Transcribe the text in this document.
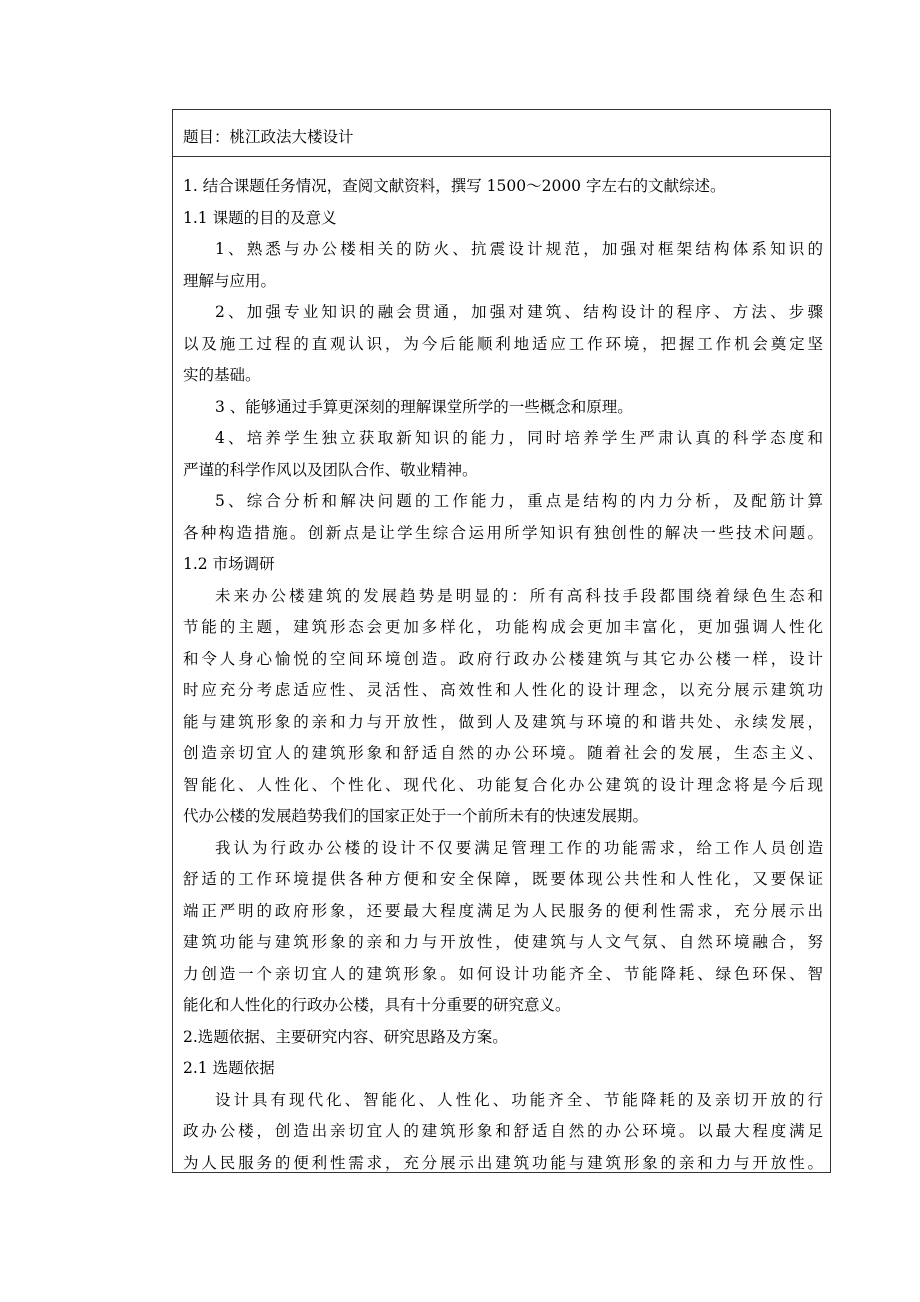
题目：桃江政法大楼设计
1. 结合课题任务情况，查阅文献资料，撰写 1500～2000 字左右的文献综述。
1.1 课题的目的及意义
1、熟悉与办公楼相关的防火、抗震设计规范，加强对框架结构体系知识的
理解与应用。
2、加强专业知识的融会贯通，加强对建筑、结构设计的程序、方法、步骤
以及施工过程的直观认识，为今后能顺利地适应工作环境，把握工作机会奠定坚
实的基础。
3 、能够通过手算更深刻的理解课堂所学的一些概念和原理。
4、培养学生独立获取新知识的能力，同时培养学生严肃认真的科学态度和
严谨的科学作风以及团队合作、敬业精神。
5、综合分析和解决问题的工作能力，重点是结构的内力分析，及配筋计算
各种构造措施。创新点是让学生综合运用所学知识有独创性的解决一些技术问题。
1.2 市场调研
未来办公楼建筑的发展趋势是明显的：所有高科技手段都围绕着绿色生态和
节能的主题，建筑形态会更加多样化，功能构成会更加丰富化，更加强调人性化
和令人身心愉悦的空间环境创造。政府行政办公楼建筑与其它办公楼一样，设计
时应充分考虑适应性、灵活性、高效性和人性化的设计理念，以充分展示建筑功
能与建筑形象的亲和力与开放性，做到人及建筑与环境的和谐共处、永续发展，
创造亲切宜人的建筑形象和舒适自然的办公环境。随着社会的发展，生态主义、
智能化、人性化、个性化、现代化、功能复合化办公建筑的设计理念将是今后现
代办公楼的发展趋势我们的国家正处于一个前所未有的快速发展期。
我认为行政办公楼的设计不仅要满足管理工作的功能需求，给工作人员创造
舒适的工作环境提供各种方便和安全保障，既要体现公共性和人性化，又要保证
端正严明的政府形象，还要最大程度满足为人民服务的便利性需求，充分展示出
建筑功能与建筑形象的亲和力与开放性，使建筑与人文气氛、自然环境融合，努
力创造一个亲切宜人的建筑形象。如何设计功能齐全、节能降耗、绿色环保、智
能化和人性化的行政办公楼，具有十分重要的研究意义。
2.选题依据、主要研究内容、研究思路及方案。
2.1 选题依据
设计具有现代化、智能化、人性化、功能齐全、节能降耗的及亲切开放的行
政办公楼，创造出亲切宜人的建筑形象和舒适自然的办公环境。以最大程度满足
为人民服务的便利性需求，充分展示出建筑功能与建筑形象的亲和力与开放性。
